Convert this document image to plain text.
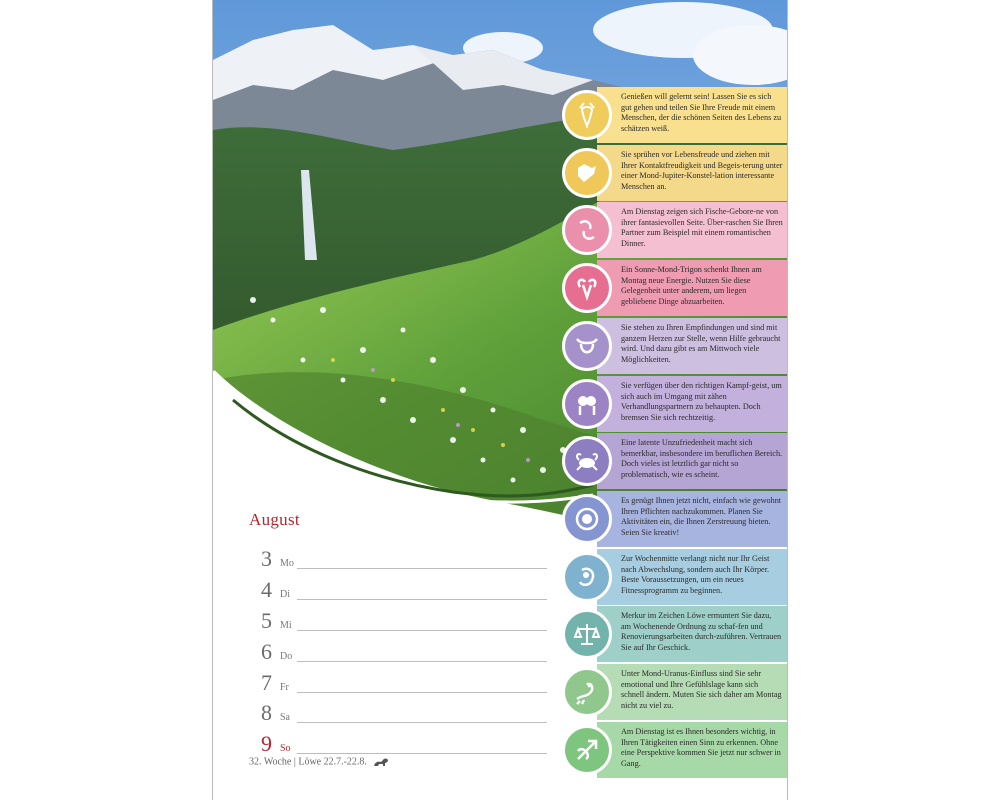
August
3 Mo
4 Di
5 Mi
6 Do
7 Fr
8 Sa
9 So
32. Woche | Löwe 22.7.-22.8.
Genießen will gelernt sein! Lassen Sie es sich gut gehen und teilen Sie Ihre Freude mit einem Menschen, der die schönen Seiten des Lebens zu schätzen weiß.
Sie sprühen vor Lebensfreude und ziehen mit Ihrer Kontaktfreudigkeit und Begeis-terung unter einer Mond-Jupiter-Konstel-lation interessante Menschen an.
Am Dienstag zeigen sich Fische-Gebore-ne von ihrer fantasievollen Seite. Über-raschen Sie Ihren Partner zum Beispiel mit einem romantischen Dinner.
Ein Sonne-Mond-Trigon schenkt Ihnen am Montag neue Energie. Nutzen Sie diese Gelegenheit unter anderem, um liegen gebliebene Dinge abzuarbeiten.
Sie stehen zu Ihren Empfindungen und sind mit ganzem Herzen zur Stelle, wenn Hilfe gebraucht wird. Und dazu gibt es am Mittwoch viele Möglichkeiten.
Sie verfügen über den richtigen Kampf-geist, um sich auch im Umgang mit zähen Verhandlungspartnern zu behaupten. Doch bremsen Sie sich rechtzeitig.
Eine latente Unzufriedenheit macht sich bemerkbar, insbesondere im beruflichen Bereich. Doch vieles ist letztlich gar nicht so problematisch, wie es scheint.
Es genügt Ihnen jetzt nicht, einfach wie gewohnt Ihren Pflichten nachzukommen. Planen Sie Aktivitäten ein, die Ihnen Zerstreuung bieten. Seien Sie kreativ!
Zur Wochenmitte verlangt nicht nur Ihr Geist nach Abwechslung, sondern auch Ihr Körper. Beste Voraussetzungen, um ein neues Fitnessprogramm zu beginnen.
Merkur im Zeichen Löwe ermuntert Sie dazu, am Wochenende Ordnung zu schaf-fen und Renovierungsarbeiten durch-zuführen. Vertrauen Sie auf Ihr Geschick.
Unter Mond-Uranus-Einfluss sind Sie sehr emotional und Ihre Gefühlslage kann sich schnell ändern. Muten Sie sich daher am Montag nicht zu viel zu.
Am Dienstag ist es Ihnen besonders wichtig, in Ihren Tätigkeiten einen Sinn zu erkennen. Ohne eine Perspektive kommen Sie jetzt nur schwer in Gang.
